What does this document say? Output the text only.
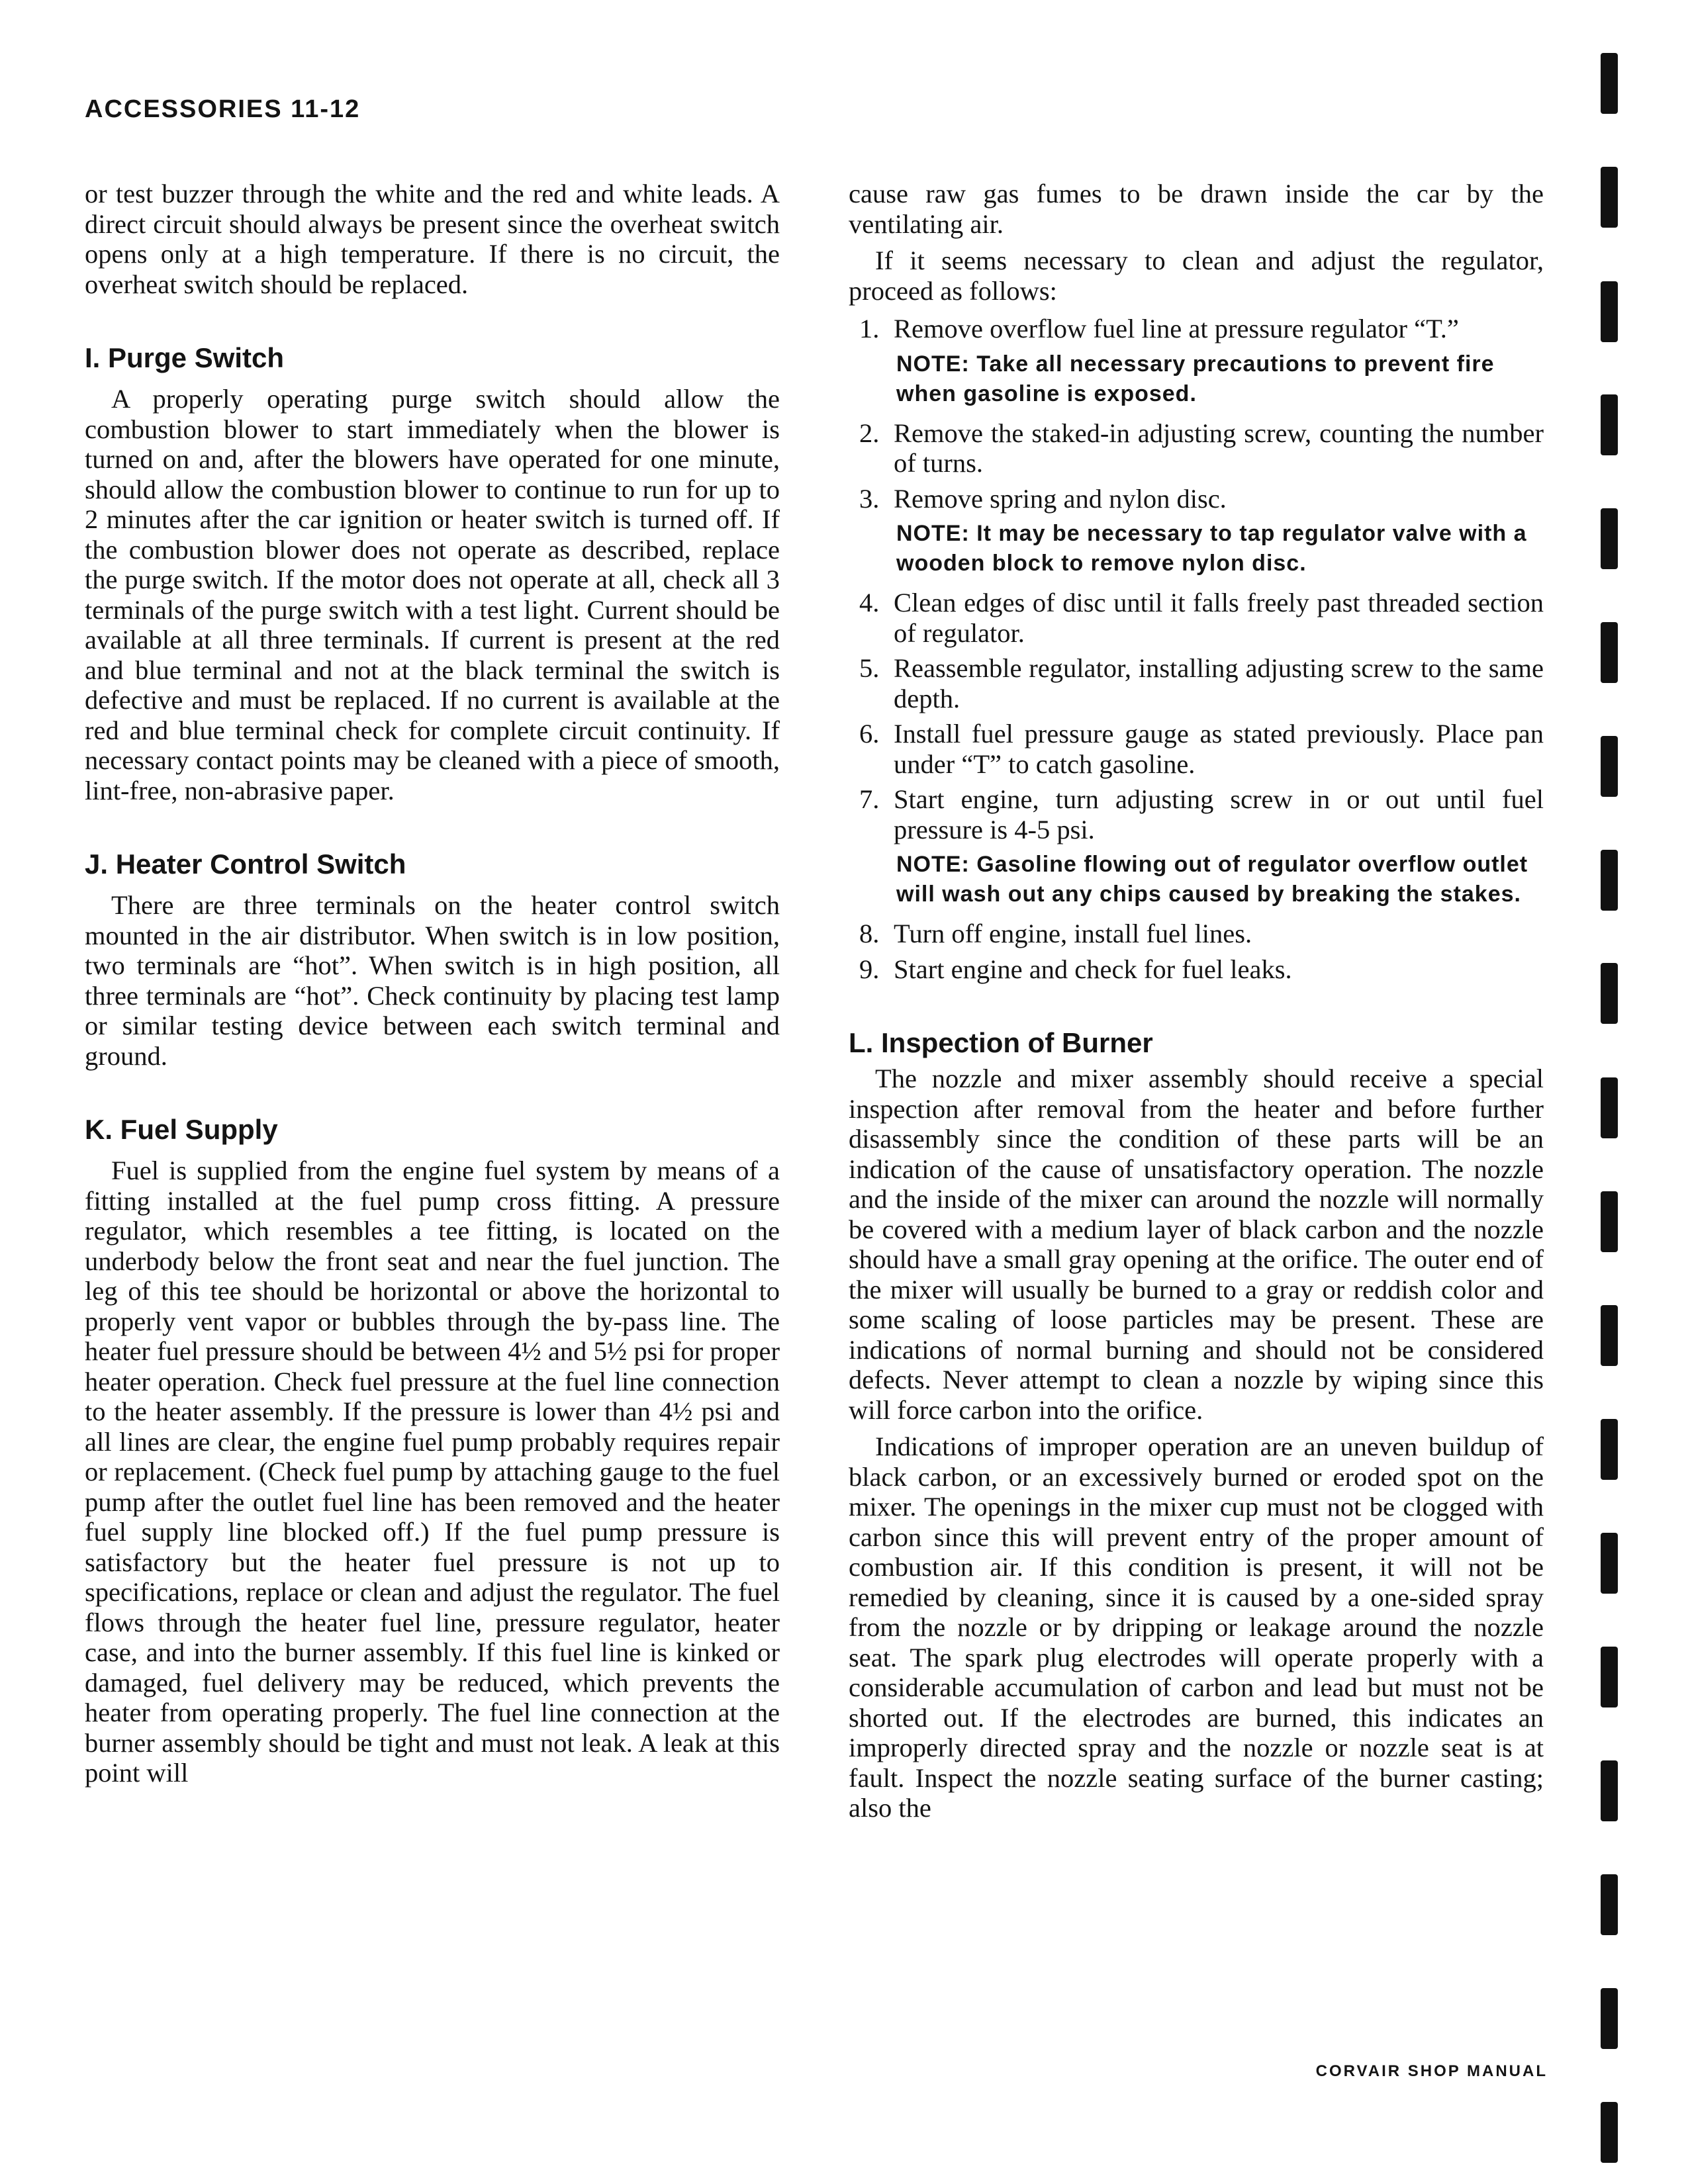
ACCESSORIES 11-12

or test buzzer through the white and the red and white leads. A direct circuit should always be present since the overheat switch opens only at a high temperature. If there is no circuit, the overheat switch should be replaced.

I. Purge Switch

A properly operating purge switch should allow the combustion blower to start immediately when the blower is turned on and, after the blowers have operated for one minute, should allow the combustion blower to continue to run for up to 2 minutes after the car ignition or heater switch is turned off. If the combustion blower does not operate as described, replace the purge switch. If the motor does not operate at all, check all 3 terminals of the purge switch with a test light. Current should be available at all three terminals. If current is present at the red and blue terminal and not at the black terminal the switch is defective and must be replaced. If no current is available at the red and blue terminal check for complete circuit continuity. If necessary contact points may be cleaned with a piece of smooth, lint-free, non-abrasive paper.

J. Heater Control Switch

There are three terminals on the heater control switch mounted in the air distributor. When switch is in low position, two terminals are “hot”. When switch is in high position, all three terminals are “hot”. Check continuity by placing test lamp or similar testing device between each switch terminal and ground.

K. Fuel Supply

Fuel is supplied from the engine fuel system by means of a fitting installed at the fuel pump cross fitting. A pressure regulator, which resembles a tee fitting, is located on the underbody below the front seat and near the fuel junction. The leg of this tee should be horizontal or above the horizontal to properly vent vapor or bubbles through the by-pass line. The heater fuel pressure should be between 4½ and 5½ psi for proper heater operation. Check fuel pressure at the fuel line connection to the heater assembly. If the pressure is lower than 4½ psi and all lines are clear, the engine fuel pump probably requires repair or replacement. (Check fuel pump by attaching gauge to the fuel pump after the outlet fuel line has been removed and the heater fuel supply line blocked off.) If the fuel pump pressure is satisfactory but the heater fuel pressure is not up to specifications, replace or clean and adjust the regulator. The fuel flows through the heater fuel line, pressure regulator, heater case, and into the burner assembly. If this fuel line is kinked or damaged, fuel delivery may be reduced, which prevents the heater from operating properly. The fuel line connection at the burner assembly should be tight and must not leak. A leak at this point will

cause raw gas fumes to be drawn inside the car by the ventilating air.

If it seems necessary to clean and adjust the regulator, proceed as follows:

1. Remove overflow fuel line at pressure regulator “T.”

NOTE: Take all necessary precautions to prevent fire when gasoline is exposed.

2. Remove the staked-in adjusting screw, counting the number of turns.
3. Remove spring and nylon disc.

NOTE: It may be necessary to tap regulator valve with a wooden block to remove nylon disc.

4. Clean edges of disc until it falls freely past threaded section of regulator.
5. Reassemble regulator, installing adjusting screw to the same depth.
6. Install fuel pressure gauge as stated previously. Place pan under “T” to catch gasoline.
7. Start engine, turn adjusting screw in or out until fuel pressure is 4-5 psi.

NOTE: Gasoline flowing out of regulator overflow outlet will wash out any chips caused by breaking the stakes.

8. Turn off engine, install fuel lines.
9. Start engine and check for fuel leaks.
L. Inspection of Burner

The nozzle and mixer assembly should receive a special inspection after removal from the heater and before further disassembly since the condition of these parts will be an indication of the cause of unsatisfactory operation. The nozzle and the inside of the mixer can around the nozzle will normally be covered with a medium layer of black carbon and the nozzle should have a small gray opening at the orifice. The outer end of the mixer will usually be burned to a gray or reddish color and some scaling of loose particles may be present. These are indications of normal burning and should not be considered defects. Never attempt to clean a nozzle by wiping since this will force carbon into the orifice.

Indications of improper operation are an uneven buildup of black carbon, or an excessively burned or eroded spot on the mixer. The openings in the mixer cup must not be clogged with carbon since this will prevent entry of the proper amount of combustion air. If this condition is present, it will not be remedied by cleaning, since it is caused by a one-sided spray from the nozzle or by dripping or leakage around the nozzle seat. The spark plug electrodes will operate properly with a considerable accumulation of carbon and lead but must not be shorted out. If the electrodes are burned, this indicates an improperly directed spray and the nozzle or nozzle seat is at fault. Inspect the nozzle seating surface of the burner casting; also the

CORVAIR SHOP MANUAL
